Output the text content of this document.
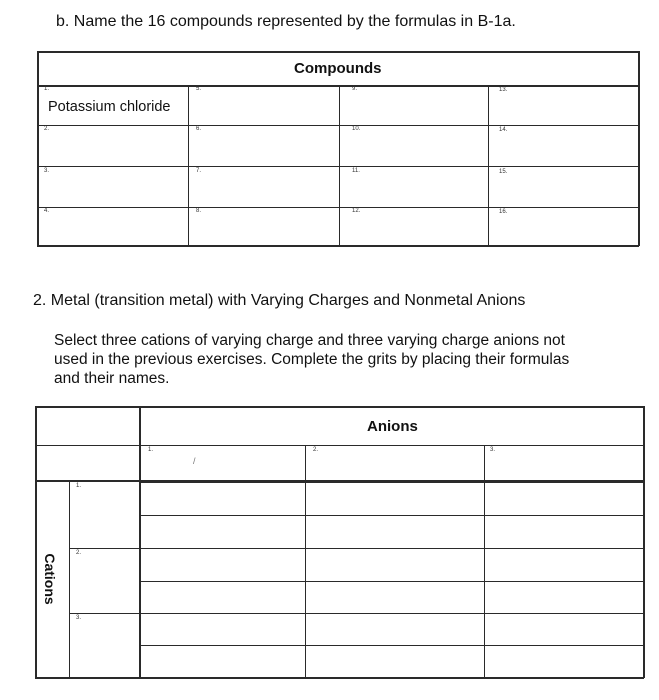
b. Name the 16 compounds represented by the formulas in B-1a.
Compounds
1.
Potassium chloride
2.
3.
4.
5.
6.
7.
8.
9.
10.
11.
12.
13.
14.
15.
16.
2. Metal (transition metal) with Varying Charges and Nonmetal Anions
Select three cations of varying charge and three varying charge anions not
used in the previous exercises. Complete the grits by placing their formulas
and their names.
Anions
1.	2.	3.
/
1.
2.
3.
Cations
